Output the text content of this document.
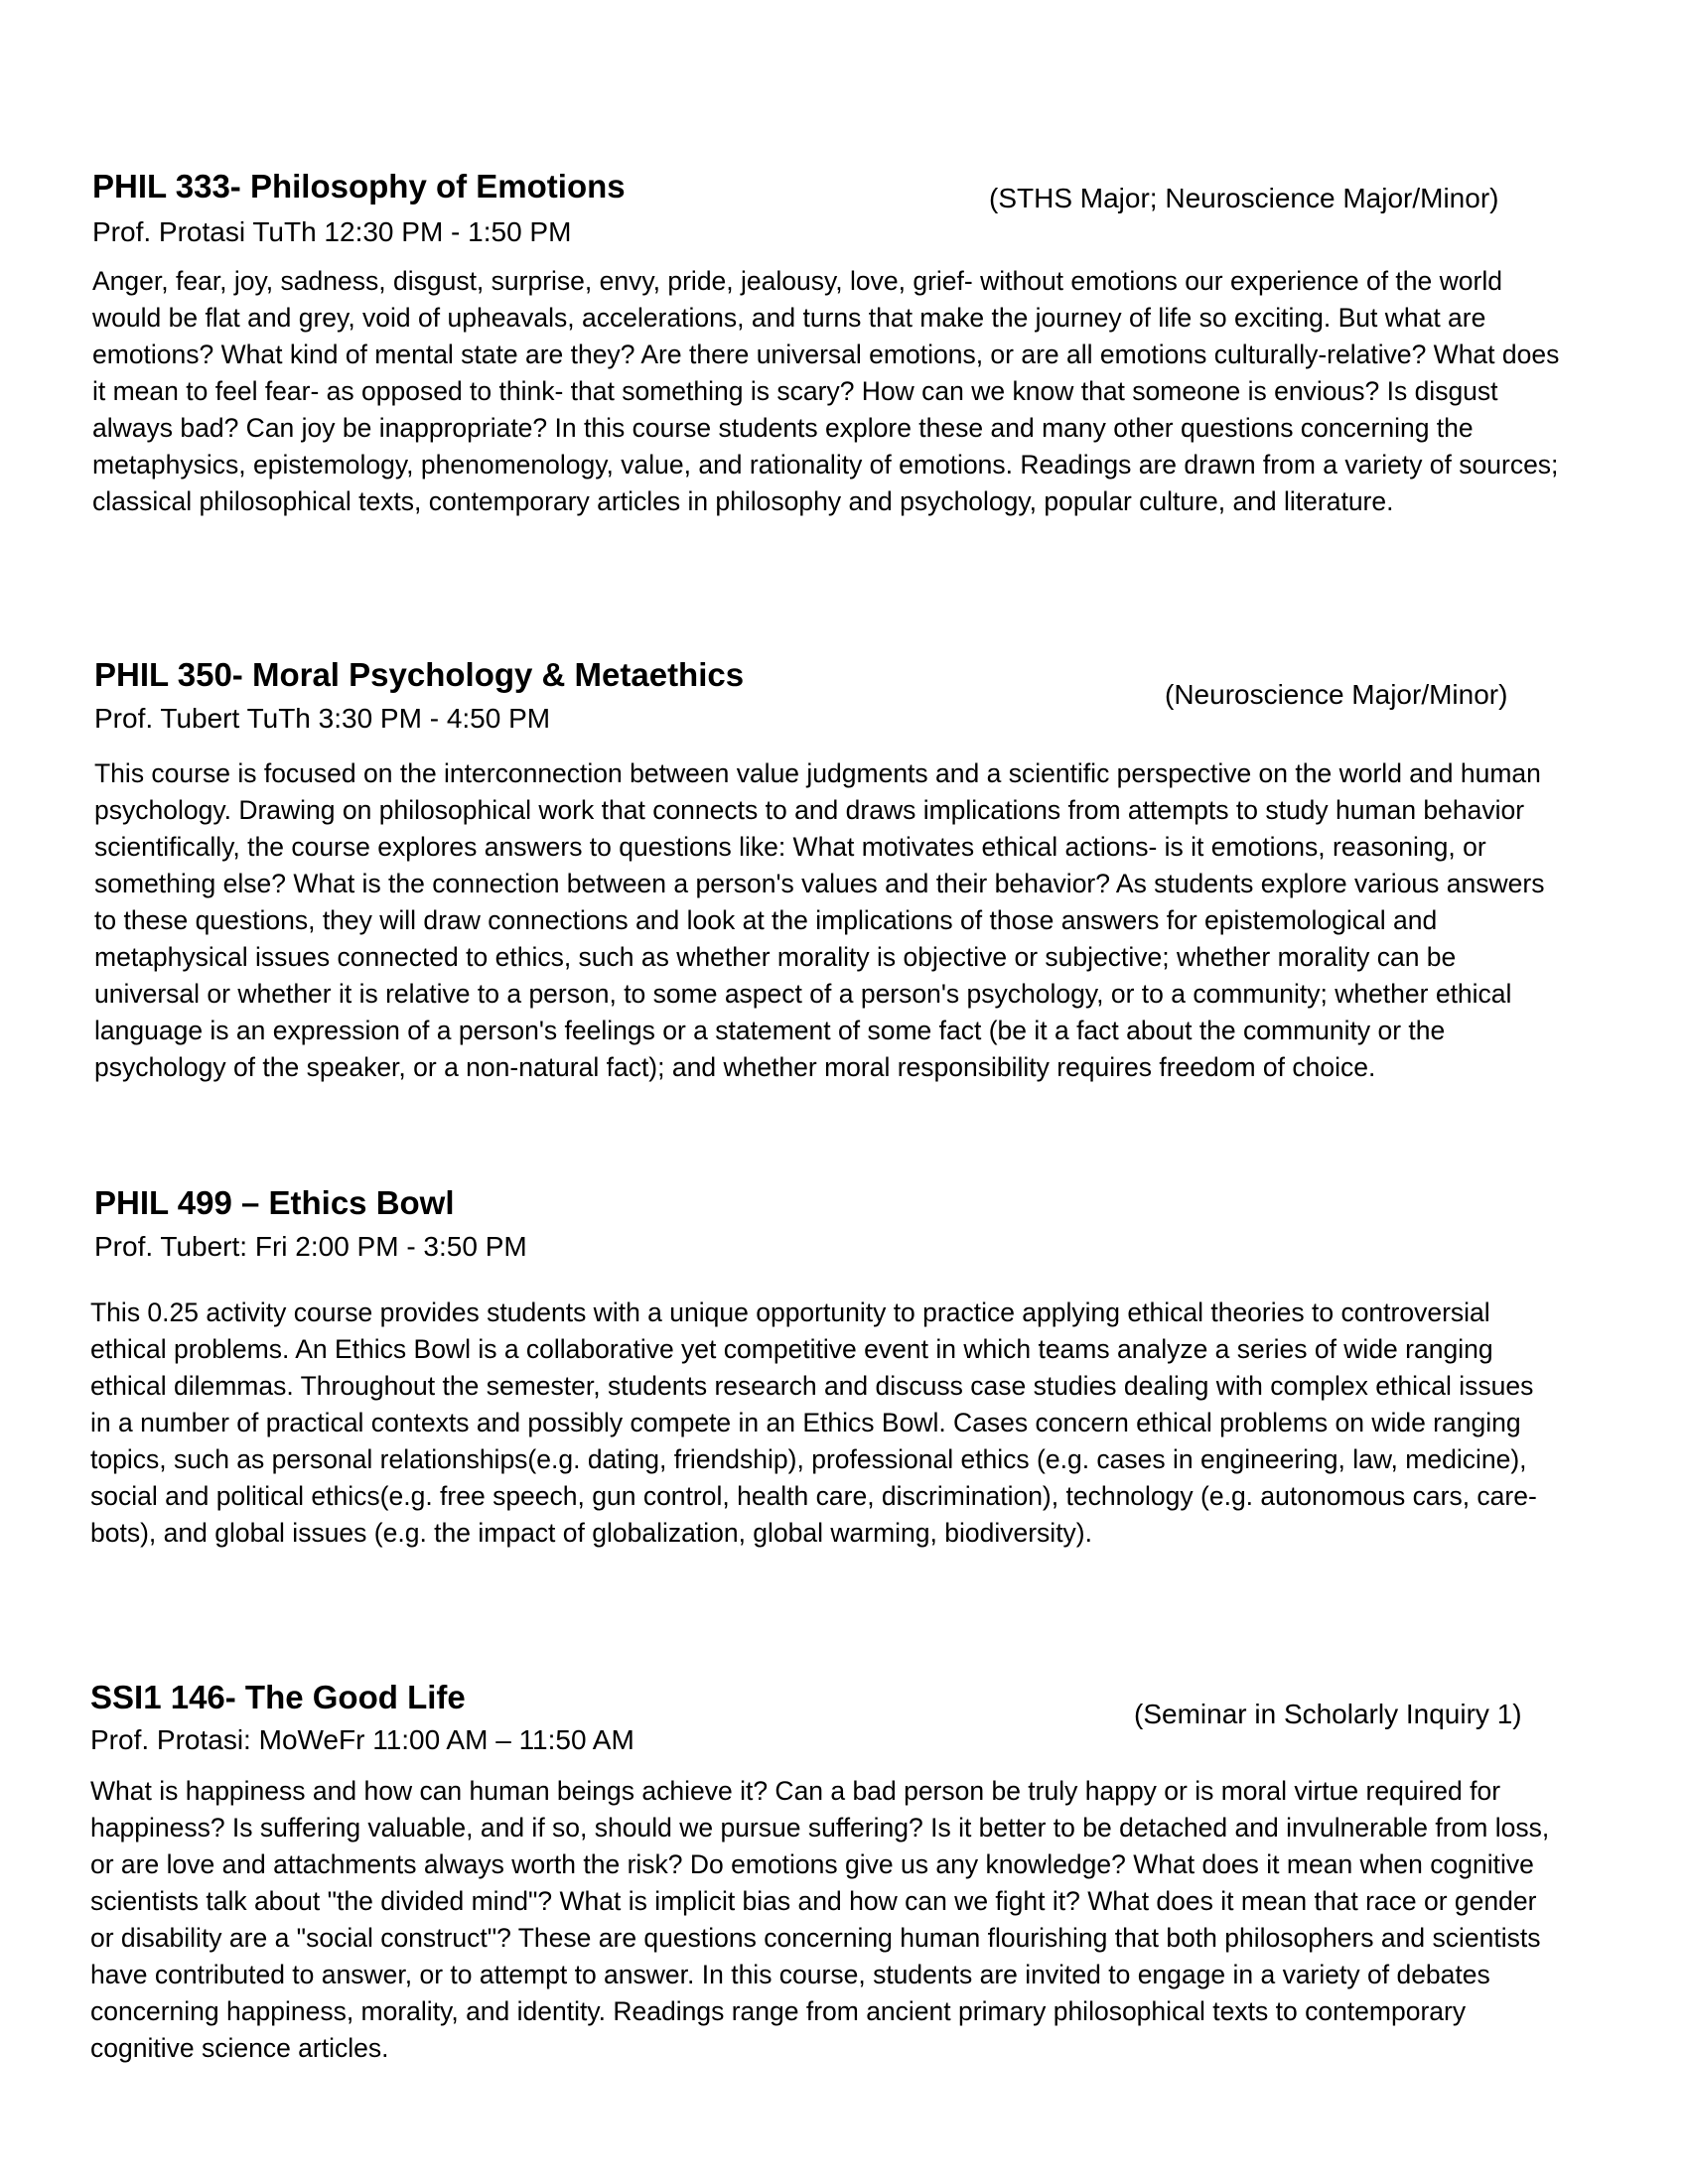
PHIL 333- Philosophy of Emotions	(STHS Major; Neuroscience Major/Minor)
Prof. Protasi TuTh 12:30 PM - 1:50 PM

Anger, fear, joy, sadness, disgust, surprise, envy, pride, jealousy, love, grief- without emotions our experience of the world would be flat and grey, void of upheavals, accelerations, and turns that make the journey of life so exciting. But what are emotions? What kind of mental state are they? Are there universal emotions, or are all emotions culturally-relative? What does it mean to feel fear- as opposed to think- that something is scary? How can we know that someone is envious? Is disgust always bad? Can joy be inappropriate? In this course students explore these and many other questions concerning the metaphysics, epistemology, phenomenology, value, and rationality of emotions. Readings are drawn from a variety of sources; classical philosophical texts, contemporary articles in philosophy and psychology, popular culture, and literature.

PHIL 350- Moral Psychology & Metaethics
(Neuroscience Major/Minor)
Prof. Tubert TuTh 3:30 PM - 4:50 PM

This course is focused on the interconnection between value judgments and a scientific perspective on the world and human psychology. Drawing on philosophical work that connects to and draws implications from attempts to study human behavior scientifically, the course explores answers to questions like: What motivates ethical actions- is it emotions, reasoning, or something else? What is the connection between a person's values and their behavior? As students explore various answers to these questions, they will draw connections and look at the implications of those answers for epistemological and metaphysical issues connected to ethics, such as whether morality is objective or subjective; whether morality can be universal or whether it is relative to a person, to some aspect of a person's psychology, or to a community; whether ethical language is an expression of a person's feelings or a statement of some fact (be it a fact about the community or the psychology of the speaker, or a non-natural fact); and whether moral responsibility requires freedom of choice.

PHIL 499 – Ethics Bowl
Prof. Tubert: Fri 2:00 PM - 3:50 PM

This 0.25 activity course provides students with a unique opportunity to practice applying ethical theories to controversial ethical problems. An Ethics Bowl is a collaborative yet competitive event in which teams analyze a series of wide ranging ethical dilemmas. Throughout the semester, students research and discuss case studies dealing with complex ethical issues in a number of practical contexts and possibly compete in an Ethics Bowl. Cases concern ethical problems on wide ranging topics, such as personal relationships(e.g. dating, friendship), professional ethics (e.g. cases in engineering, law, medicine), social and political ethics(e.g. free speech, gun control, health care, discrimination), technology (e.g. autonomous cars, care-bots), and global issues (e.g. the impact of globalization, global warming, biodiversity).

SSI1 146- The Good Life	(Seminar in Scholarly Inquiry 1)
Prof. Protasi: MoWeFr 11:00 AM – 11:50 AM

What is happiness and how can human beings achieve it? Can a bad person be truly happy or is moral virtue required for happiness? Is suffering valuable, and if so, should we pursue suffering? Is it better to be detached and invulnerable from loss, or are love and attachments always worth the risk? Do emotions give us any knowledge? What does it mean when cognitive scientists talk about "the divided mind"? What is implicit bias and how can we fight it? What does it mean that race or gender or disability are a "social construct"? These are questions concerning human flourishing that both philosophers and scientists have contributed to answer, or to attempt to answer. In this course, students are invited to engage in a variety of debates concerning happiness, morality, and identity. Readings range from ancient primary philosophical texts to contemporary cognitive science articles.
